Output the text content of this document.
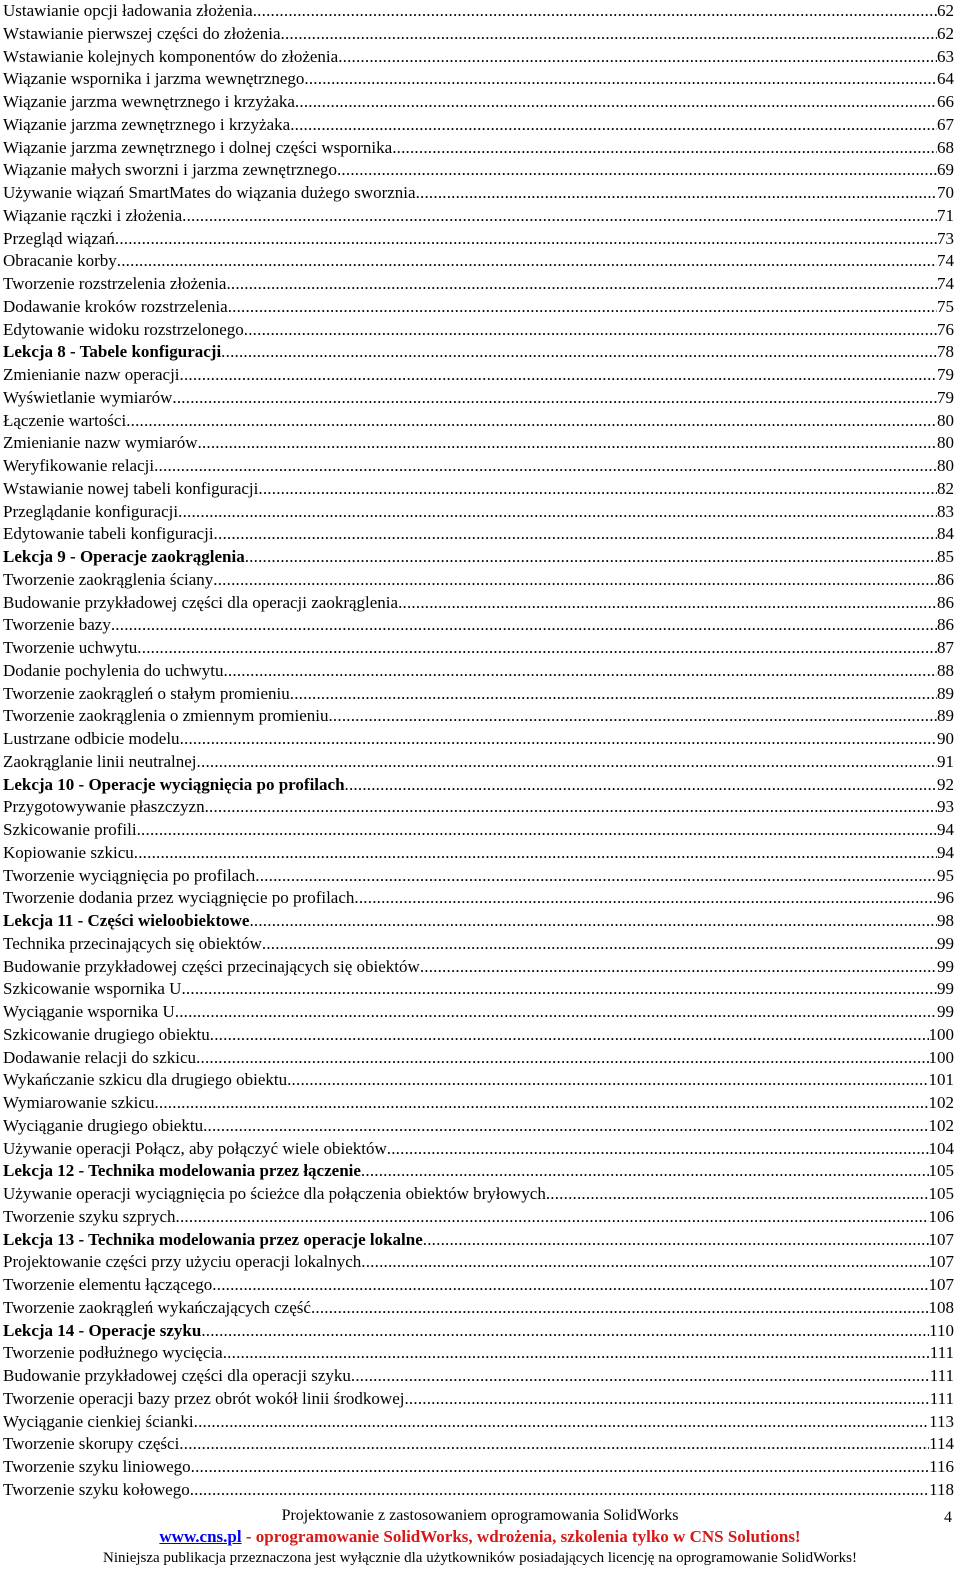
Ustawianie opcji ładowania złożenia .....	62
Wstawianie pierwszej części do złożenia .....	62
Wstawianie kolejnych komponentów do złożenia .....	63
Wiązanie wspornika i jarzma wewnętrznego .....	64
Wiązanie jarzma wewnętrznego i krzyżaka .....	66
Wiązanie jarzma zewnętrznego i krzyżaka .....	67
Wiązanie jarzma zewnętrznego i dolnej części wspornika .....	68
Wiązanie małych sworzni i jarzma zewnętrznego .....	69
Używanie wiązań SmartMates do wiązania dużego sworznia .....	70
Wiązanie rączki i złożenia .....	71
Przegląd wiązań .....	73
Obracanie korby .....	74
Tworzenie rozstrzelenia złożenia .....	74
Dodawanie kroków rozstrzelenia .....	75
Edytowanie widoku rozstrzelonego .....	76
Lekcja 8 - Tabele konfiguracji .....	78
Zmienianie nazw operacji .....	79
Wyświetlanie wymiarów .....	79
Łączenie wartości .....	80
Zmienianie nazw wymiarów .....	80
Weryfikowanie relacji .....	80
Wstawianie nowej tabeli konfiguracji .....	82
Przeglądanie konfiguracji .....	83
Edytowanie tabeli konfiguracji .....	84
Lekcja 9 - Operacje zaokrąglenia .....	85
Tworzenie zaokrąglenia ściany .....	86
Budowanie przykładowej części dla operacji zaokrąglenia .....	86
Tworzenie bazy .....	86
Tworzenie uchwytu .....	87
Dodanie pochylenia do uchwytu .....	88
Tworzenie zaokrągleń o stałym promieniu .....	89
Tworzenie zaokrąglenia o zmiennym promieniu .....	89
Lustrzane odbicie modelu .....	90
Zaokrąglanie linii neutralnej .....	91
Lekcja 10 - Operacje wyciągnięcia po profilach .....	92
Przygotowywanie płaszczyzn .....	93
Szkicowanie profili .....	94
Kopiowanie szkicu .....	94
Tworzenie wyciągnięcia po profilach .....	95
Tworzenie dodania przez wyciągnięcie po profilach .....	96
Lekcja 11 - Części wieloobiektowe .....	98
Technika przecinających się obiektów .....	99
Budowanie przykładowej części przecinających się obiektów .....	99
Szkicowanie wspornika U .....	99
Wyciąganie wspornika U .....	99
Szkicowanie drugiego obiektu .....	100
Dodawanie relacji do szkicu .....	100
Wykańczanie szkicu dla drugiego obiektu .....	101
Wymiarowanie szkicu .....	102
Wyciąganie drugiego obiektu .....	102
Używanie operacji Połącz, aby połączyć wiele obiektów .....	104
Lekcja 12 - Technika modelowania przez łączenie .....	105
Używanie operacji wyciągnięcia po ścieżce dla połączenia obiektów bryłowych .....	105
Tworzenie szyku szprych .....	106
Lekcja 13 - Technika modelowania przez operacje lokalne .....	107
Projektowanie części przy użyciu operacji lokalnych .....	107
Tworzenie elementu łączącego .....	107
Tworzenie zaokrągleń wykańczających część .....	108
Lekcja 14 - Operacje szyku .....	110
Tworzenie podłużnego wycięcia .....	111
Budowanie przykładowej części dla operacji szyku .....	111
Tworzenie operacji bazy przez obrót wokół linii środkowej .....	111
Wyciąganie cienkiej ścianki .....	113
Tworzenie skorupy części .....	114
Tworzenie szyku liniowego .....	116
Tworzenie szyku kołowego .....	118
Projektowanie z zastosowaniem oprogramowania SolidWorks	4
www.cns.pl - oprogramowanie SolidWorks, wdrożenia, szkolenia tylko w CNS Solutions!
Niniejsza publikacja przeznaczona jest wyłącznie dla użytkowników posiadających licencję na oprogramowanie SolidWorks!
